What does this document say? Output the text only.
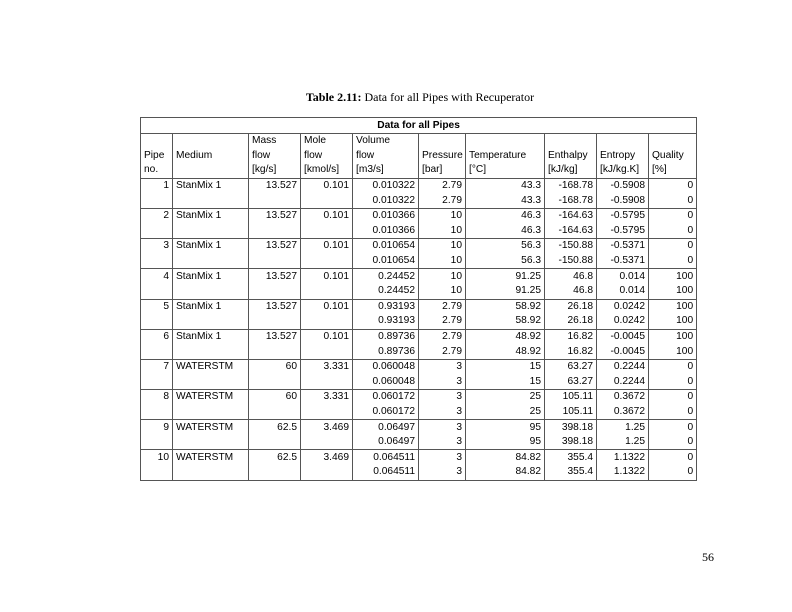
Table 2.11: Data for all Pipes with Recuperator
Data for all Pipes									
		Mass	Mole	Volume					
Pipe	Medium	flow	flow	flow	Pressure	Temperature	Enthalpy	Entropy	Quality
no.		[kg/s]	[kmol/s]	[m3/s]	[bar]	[°C]	[kJ/kg]	[kJ/kg.K]	[%]
1	StanMix 1	13.527	0.101	0.010322	2.79	43.3	-168.78	-0.5908	0
				0.010322	2.79	43.3	-168.78	-0.5908	0
2	StanMix 1	13.527	0.101	0.010366	10	46.3	-164.63	-0.5795	0
				0.010366	10	46.3	-164.63	-0.5795	0
3	StanMix 1	13.527	0.101	0.010654	10	56.3	-150.88	-0.5371	0
				0.010654	10	56.3	-150.88	-0.5371	0
4	StanMix 1	13.527	0.101	0.24452	10	91.25	46.8	0.014	100
				0.24452	10	91.25	46.8	0.014	100
5	StanMix 1	13.527	0.101	0.93193	2.79	58.92	26.18	0.0242	100
				0.93193	2.79	58.92	26.18	0.0242	100
6	StanMix 1	13.527	0.101	0.89736	2.79	48.92	16.82	-0.0045	100
				0.89736	2.79	48.92	16.82	-0.0045	100
7	WATERSTM	60	3.331	0.060048	3	15	63.27	0.2244	0
				0.060048	3	15	63.27	0.2244	0
8	WATERSTM	60	3.331	0.060172	3	25	105.11	0.3672	0
				0.060172	3	25	105.11	0.3672	0
9	WATERSTM	62.5	3.469	0.06497	3	95	398.18	1.25	0
				0.06497	3	95	398.18	1.25	0
10	WATERSTM	62.5	3.469	0.064511	3	84.82	355.4	1.1322	0
				0.064511	3	84.82	355.4	1.1322	0
56
